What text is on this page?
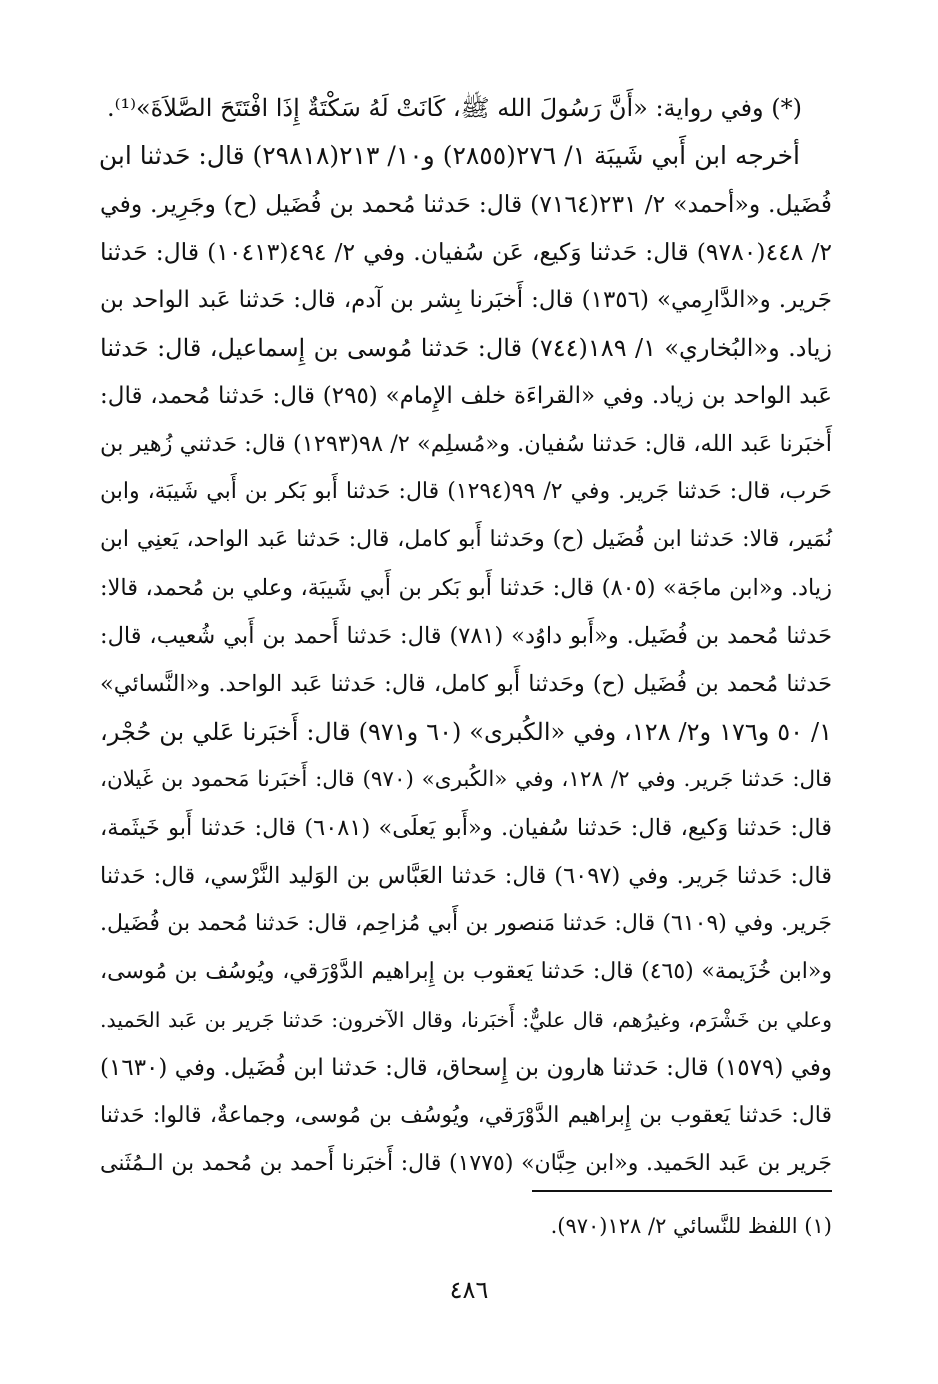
(*) وفي رواية: «أَنَّ رَسُولَ الله ﷺ، كَانَتْ لَهُ سَكْتَةٌ إِذَا افْتَتَحَ الصَّلاَةَ»⁽¹⁾.
أخرجه ابن أَبي شَيبَة ١/ ٢٧٦(٢٨٥٥) و١٠/ ٢١٣(٢٩٨١٨) قال: حَدثنا ابن
فُضَيل. و«أحمد» ٢/ ٢٣١(٧١٦٤) قال: حَدثنا مُحمد بن فُضَيل (ح) وجَرِير. وفي
٢/ ٤٤٨(٩٧٨٠) قال: حَدثنا وَكيع، عَن سُفيان. وفي ٢/ ٤٩٤(١٠٤١٣) قال: حَدثنا
جَرير. و«الدَّارِمي» (١٣٥٦) قال: أَخبَرنا بِشر بن آدم، قال: حَدثنا عَبد الواحد بن
زياد. و«البُخاري» ١/ ١٨٩(٧٤٤) قال: حَدثنا مُوسى بن إِسماعيل، قال: حَدثنا
عَبد الواحد بن زياد. وفي «القراءَة خلف الإِمام» (٢٩٥) قال: حَدثنا مُحمد، قال:
أَخبَرنا عَبد الله، قال: حَدثنا سُفيان. و«مُسلِم» ٢/ ٩٨(١٢٩٣) قال: حَدثني زُهير بن
حَرب، قال: حَدثنا جَرير. وفي ٢/ ٩٩(١٢٩٤) قال: حَدثنا أَبو بَكر بن أَبي شَيبَة، وابن
نُمَير، قالا: حَدثنا ابن فُضَيل (ح) وحَدثنا أَبو كامل، قال: حَدثنا عَبد الواحد، يَعنِي ابن
زياد. و«ابن ماجَة» (٨٠٥) قال: حَدثنا أَبو بَكر بن أَبي شَيبَة، وعلي بن مُحمد، قالا:
حَدثنا مُحمد بن فُضَيل. و«أَبو داوُد» (٧٨١) قال: حَدثنا أَحمد بن أَبي شُعيب، قال:
حَدثنا مُحمد بن فُضَيل (ح) وحَدثنا أَبو كامل، قال: حَدثنا عَبد الواحد. و«النَّسائي»
١/ ٥٠ و١٧٦ و٢/ ١٢٨، وفي «الكُبرى» (٦٠ و٩٧١) قال: أَخبَرنا عَلي بن حُجْر،
قال: حَدثنا جَرير. وفي ٢/ ١٢٨، وفي «الكُبرى» (٩٧٠) قال: أَخبَرنا مَحمود بن غَيلان،
قال: حَدثنا وَكيع، قال: حَدثنا سُفيان. و«أَبو يَعلَى» (٦٠٨١) قال: حَدثنا أَبو خَيثَمة،
قال: حَدثنا جَرير. وفي (٦٠٩٧) قال: حَدثنا العَبَّاس بن الوَليد النَّرْسي، قال: حَدثنا
جَرير. وفي (٦١٠٩) قال: حَدثنا مَنصور بن أَبي مُزاحِم، قال: حَدثنا مُحمد بن فُضَيل.
و«ابن خُزَيمة» (٤٦٥) قال: حَدثنا يَعقوب بن إِبراهيم الدَّوْرَقي، ويُوسُف بن مُوسى،
وعلي بن خَشْرَم، وغيرُهم، قال عليٌّ: أَخبَرنا، وقال الآخرون: حَدثنا جَرير بن عَبد الحَميد.
وفي (١٥٧٩) قال: حَدثنا هارون بن إِسحاق، قال: حَدثنا ابن فُضَيل. وفي (١٦٣٠)
قال: حَدثنا يَعقوب بن إِبراهيم الدَّوْرَقي، ويُوسُف بن مُوسى، وجماعةٌ، قالوا: حَدثنا
جَرير بن عَبد الحَميد. و«ابن حِبَّان» (١٧٧٥) قال: أَخبَرنا أَحمد بن مُحمد بن الـمُثَنى
(١) اللفظ للنَّسائي ٢/ ١٢٨(٩٧٠).
٤٨٦
